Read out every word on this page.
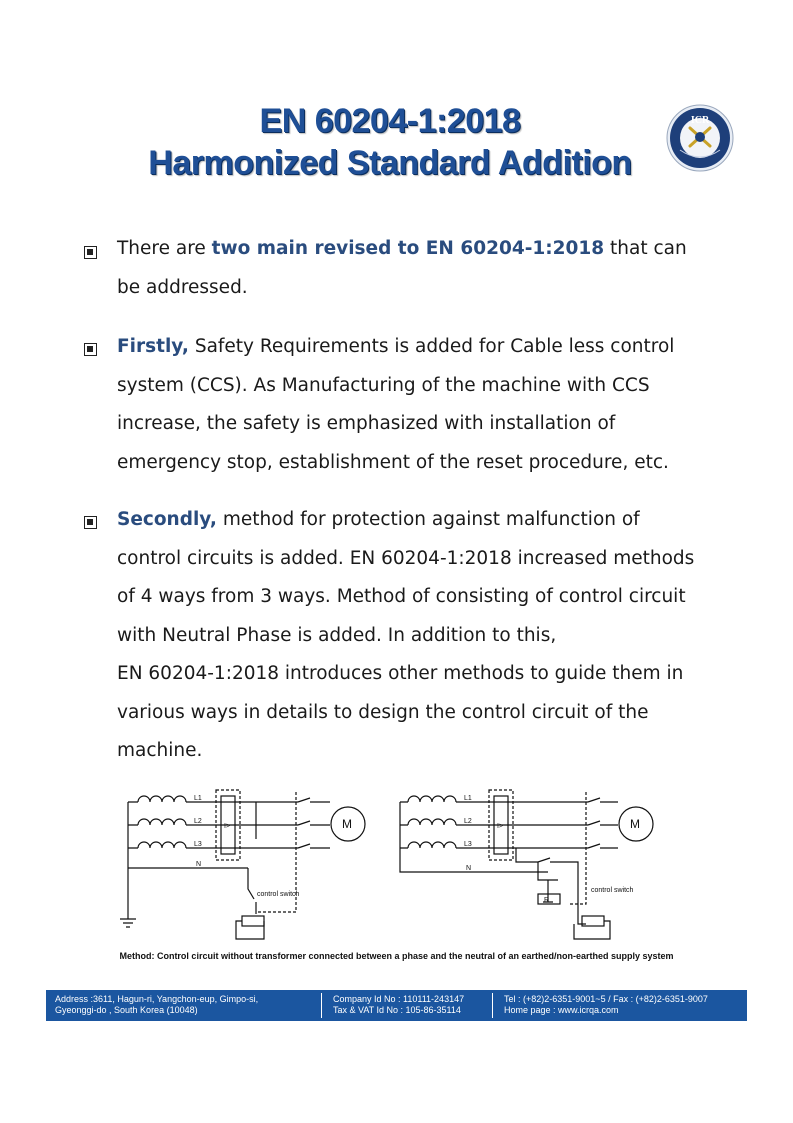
EN 60204-1:2018
Harmonized Standard Addition
ICR
There are two main revised to EN 60204-1:2018 that can
be addressed.
Firstly, Safety Requirements is added for Cable less control
system (CCS). As Manufacturing of the machine with CCS
increase, the safety is emphasized with installation of
emergency stop, establishment of the reset procedure, etc.
Secondly, method for protection against malfunction of
control circuits is added. EN 60204-1:2018 increased methods
of 4 ways from 3 ways. Method of consisting of control circuit
with Neutral Phase is added. In addition to this,
EN 60204-1:2018 introduces other methods to guide them in
various ways in details to design the control circuit of the
machine.
L1
L2
L3
N
I>
control switch
M
L1
L2
L3
N
I>
R
control switch
M
Method: Control circuit without transformer connected between a phase and the neutral of an earthed/non-earthed supply system
Address :3611, Hagun-ri, Yangchon-eup, Gimpo-si,
Gyeonggi-do , South Korea (10048)
Company Id No : 110111-243147
Tax & VAT Id No : 105-86-35114
Tel : (+82)2-6351-9001~5 / Fax : (+82)2-6351-9007
Home page : www.icrqa.com
